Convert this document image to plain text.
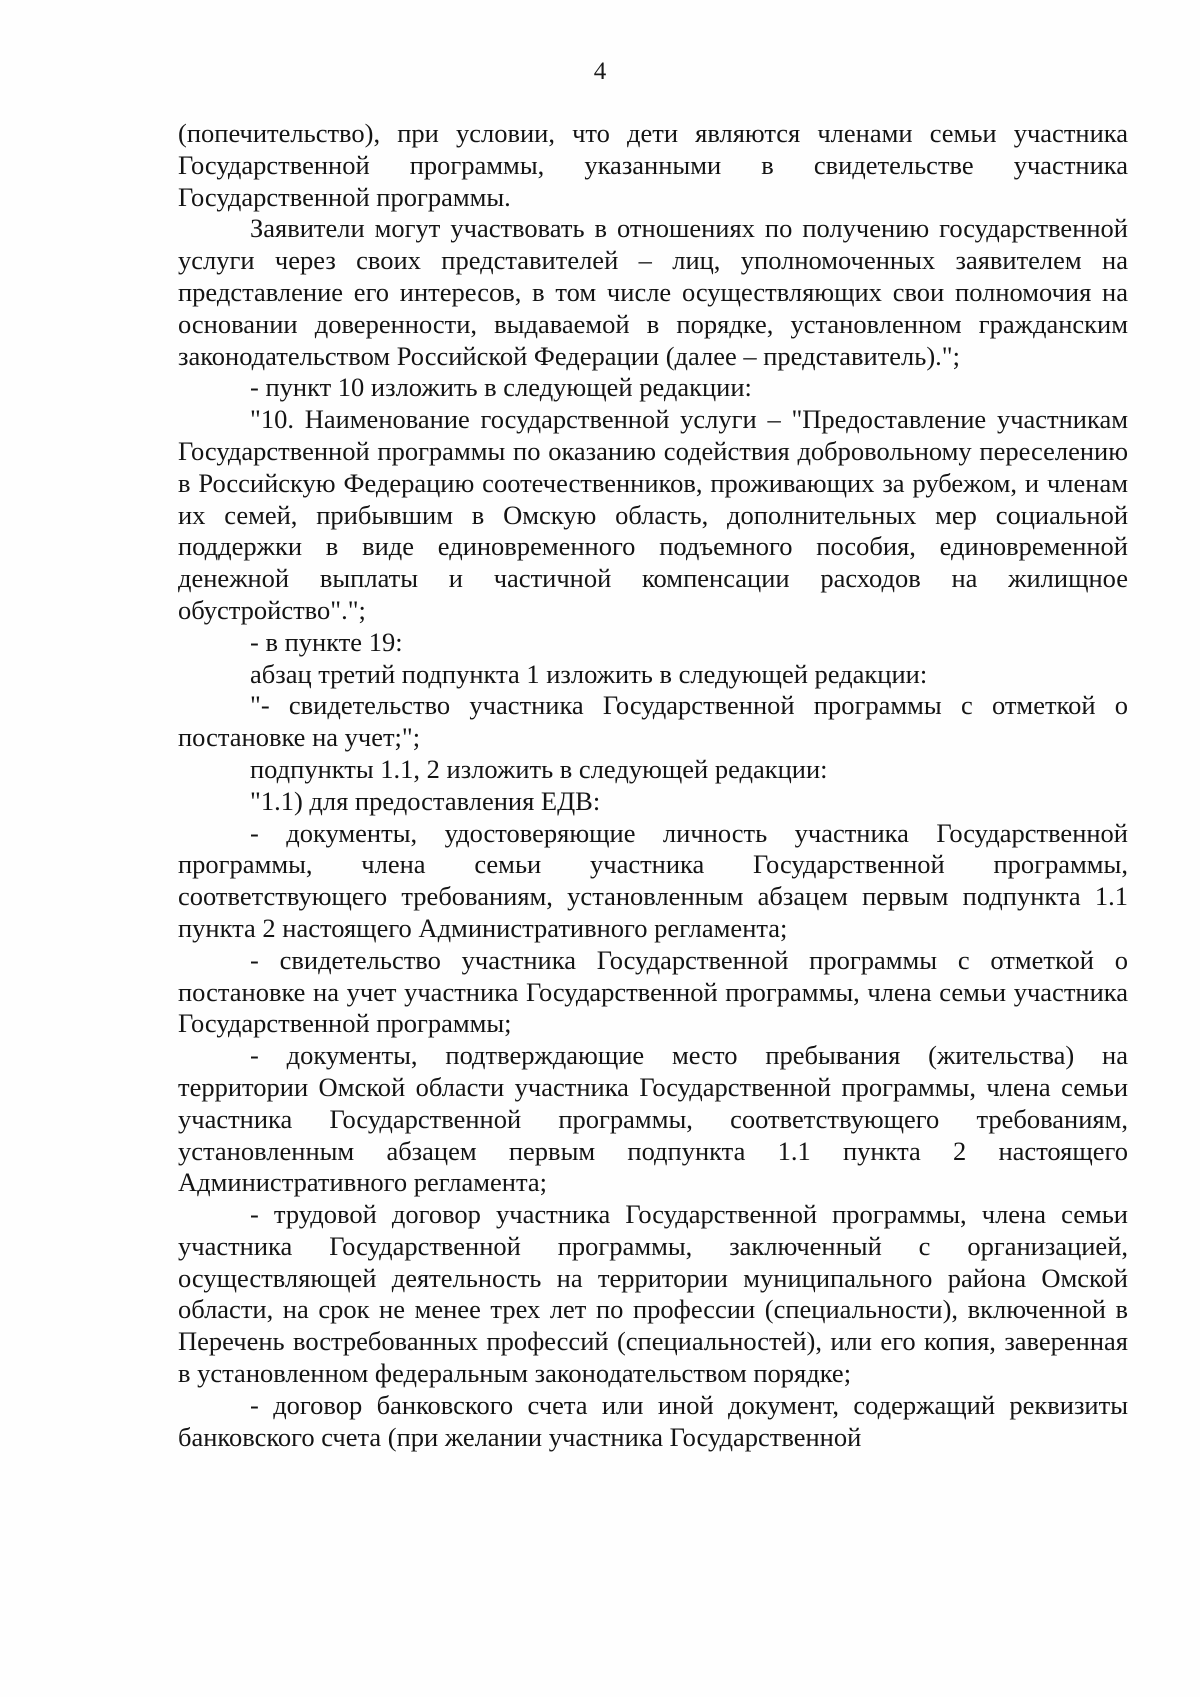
4

(попечительство), при условии, что дети являются членами семьи участника Государственной программы, указанными в свидетельстве участника Государственной программы.

Заявители могут участвовать в отношениях по получению государственной услуги через своих представителей – лиц, уполномоченных заявителем на представление его интересов, в том числе осуществляющих свои полномочия на основании доверенности, выдаваемой в порядке, установленном гражданским законодательством Российской Федерации (далее – представитель).";

- пункт 10 изложить в следующей редакции:

"10. Наименование государственной услуги – "Предоставление участникам Государственной программы по оказанию содействия добровольному переселению в Российскую Федерацию соотечественников, проживающих за рубежом, и членам их семей, прибывшим в Омскую область, дополнительных мер социальной поддержки в виде единовременного подъемного пособия, единовременной денежной выплаты и частичной компенсации расходов на жилищное обустройство".";

- в пункте 19:

абзац третий подпункта 1 изложить в следующей редакции:

"- свидетельство участника Государственной программы с отметкой о постановке на учет;";

подпункты 1.1, 2 изложить в следующей редакции:

"1.1) для предоставления ЕДВ:

- документы, удостоверяющие личность участника Государственной программы, члена семьи участника Государственной программы, соответствующего требованиям, установленным абзацем первым подпункта 1.1 пункта 2 настоящего Административного регламента;

- свидетельство участника Государственной программы с отметкой о постановке на учет участника Государственной программы, члена семьи участника Государственной программы;

- документы, подтверждающие место пребывания (жительства) на территории Омской области участника Государственной программы, члена семьи участника Государственной программы, соответствующего требованиям, установленным абзацем первым подпункта 1.1 пункта 2 настоящего Административного регламента;

- трудовой договор участника Государственной программы, члена семьи участника Государственной программы, заключенный с организацией, осуществляющей деятельность на территории муниципального района Омской области, на срок не менее трех лет по профессии (специальности), включенной в Перечень востребованных профессий (специальностей), или его копия, заверенная в установленном федеральным законодательством порядке;

- договор банковского счета или иной документ, содержащий реквизиты банковского счета (при желании участника Государственной
